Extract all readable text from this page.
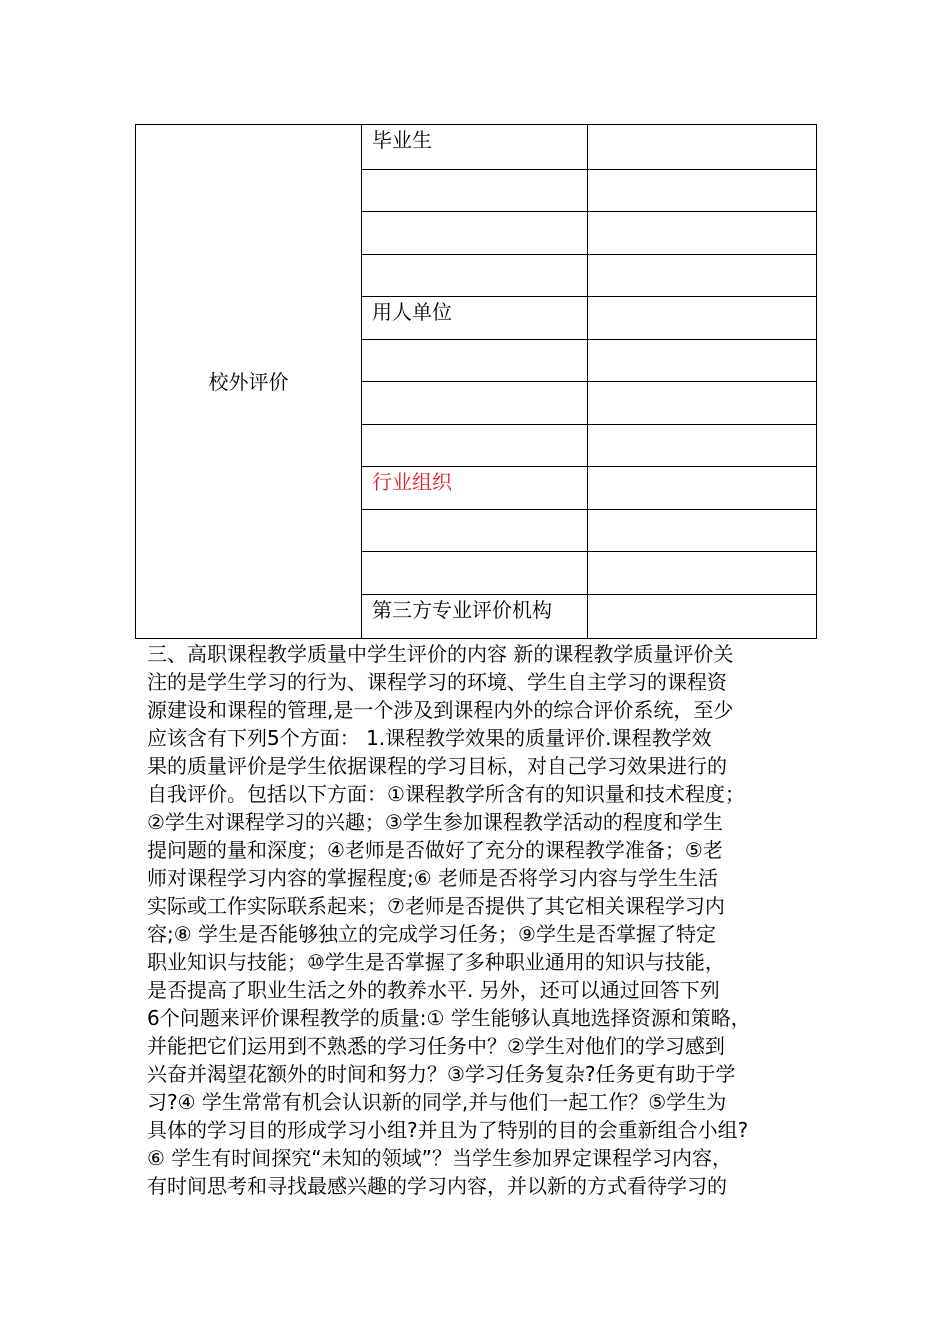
校外评价	毕业生	

	用人单位	

	行业组织	

	第三方专业评价机构	
三、高职课程教学质量中学生评价的内容 新的课程教学质量评价关
注的是学生学习的行为、课程学习的环境、学生自主学习的课程资
源建设和课程的管理,是一个涉及到课程内外的综合评价系统，至少
应该含有下列5个方面： 1.课程教学效果的质量评价.课程教学效
果的质量评价是学生依据课程的学习目标，对自己学习效果进行的
自我评价。包括以下方面：①课程教学所含有的知识量和技术程度；
②学生对课程学习的兴趣；③学生参加课程教学活动的程度和学生
提问题的量和深度；④老师是否做好了充分的课程教学准备；⑤老
师对课程学习内容的掌握程度;⑥ 老师是否将学习内容与学生生活
实际或工作实际联系起来；⑦老师是否提供了其它相关课程学习内
容;⑧ 学生是否能够独立的完成学习任务；⑨学生是否掌握了特定
职业知识与技能；⑩学生是否掌握了多种职业通用的知识与技能，
是否提高了职业生活之外的教养水平. 另外，还可以通过回答下列
6个问题来评价课程教学的质量:① 学生能够认真地选择资源和策略，
并能把它们运用到不熟悉的学习任务中？②学生对他们的学习感到
兴奋并渴望花额外的时间和努力？③学习任务复杂?任务更有助于学
习?④ 学生常常有机会认识新的同学,并与他们一起工作？⑤学生为
具体的学习目的形成学习小组?并且为了特别的目的会重新组合小组?
⑥ 学生有时间探究“未知的领域”？当学生参加界定课程学习内容，
有时间思考和寻找最感兴趣的学习内容，并以新的方式看待学习的
